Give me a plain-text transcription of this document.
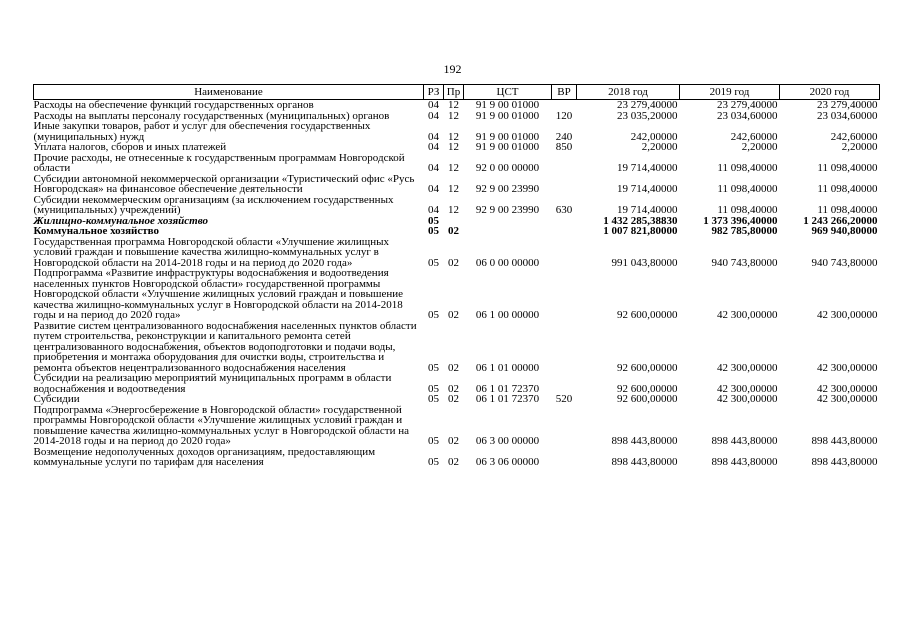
192
Наименование	РЗ	Пр	ЦСТ	ВР	2018 год	2019 год	2020 год
Расходы на обеспечение функций государственных органов	04	12	91 9 00 01000		23 279,40000	23 279,40000	23 279,40000
Расходы на выплаты персоналу государственных (муниципальных) органов	04	12	91 9 00 01000	120	23 035,20000	23 034,60000	23 034,60000
Иные закупки товаров, работ и услуг для обеспечения государственных (муниципальных) нужд	04	12	91 9 00 01000	240	242,00000	242,60000	242,60000
Уплата налогов, сборов и иных платежей	04	12	91 9 00 01000	850	2,20000	2,20000	2,20000
Прочие расходы, не отнесенные к государственным программам Новгородской области	04	12	92 0 00 00000		19 714,40000	11 098,40000	11 098,40000
Субсидии автономной некоммерческой организации «Туристический офис «Русь Новгородская» на финансовое обеспечение деятельности	04	12	92 9 00 23990		19 714,40000	11 098,40000	11 098,40000
Субсидии некоммерческим организациям (за исключением государственных (муниципальных) учреждений)	04	12	92 9 00 23990	630	19 714,40000	11 098,40000	11 098,40000
Жилищно-коммунальное хозяйство	05				1 432 285,38830	1 373 396,40000	1 243 266,20000
Коммунальное хозяйство	05	02			1 007 821,80000	982 785,80000	969 940,80000
Государственная программа Новгородской области «Улучшение жилищных условий граждан и повышение качества жилищно-коммунальных услуг в Новгородской области на 2014-2018 годы и на период до 2020 года»	05	02	06 0 00 00000		991 043,80000	940 743,80000	940 743,80000
Подпрограмма «Развитие инфраструктуры водоснабжения и водоотведения населенных пунктов Новгородской области» государственной программы Новгородской области «Улучшение жилищных условий граждан и повышение качества жилищно-коммунальных услуг в Новгородской области на 2014-2018 годы и на период до 2020 года»	05	02	06 1 00 00000		92 600,00000	42 300,00000	42 300,00000
Развитие систем централизованного водоснабжения населенных пунктов области путем строительства, реконструкции и капитального ремонта сетей централизованного водоснабжения, объектов водоподготовки и подачи воды, приобретения и монтажа оборудования для очистки воды, строительства и ремонта объектов нецентрализованного водоснабжения населения	05	02	06 1 01 00000		92 600,00000	42 300,00000	42 300,00000
Субсидии на реализацию мероприятий муниципальных программ в области водоснабжения и водоотведения	05	02	06 1 01 72370		92 600,00000	42 300,00000	42 300,00000
Субсидии	05	02	06 1 01 72370	520	92 600,00000	42 300,00000	42 300,00000
Подпрограмма «Энергосбережение в Новгородской области» государственной программы Новгородской области «Улучшение жилищных условий граждан и повышение качества жилищно-коммунальных услуг в Новгородской области на 2014-2018 годы и на период до 2020 года»	05	02	06 3 00 00000		898 443,80000	898 443,80000	898 443,80000
Возмещение недополученных доходов организациям, предоставляющим коммунальные услуги по тарифам для населения	05	02	06 3 06 00000		898 443,80000	898 443,80000	898 443,80000
